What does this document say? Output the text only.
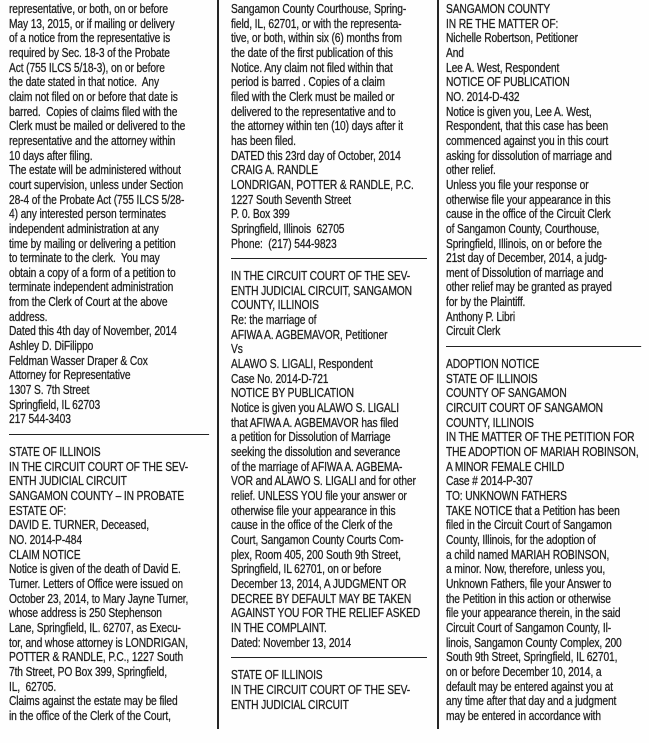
representative, or both, on or before
May 13, 2015, or if mailing or delivery
of a notice from the representative is
required by Sec. 18-3 of the Probate
Act (755 ILCS 5/18-3), on or before
the date stated in that notice.  Any
claim not filed on or before that date is
barred.  Copies of claims filed with the
Clerk must be mailed or delivered to the
representative and the attorney within
10 days after filing.
The estate will be administered without
court supervision, unless under Section
28-4 of the Probate Act (755 ILCS 5/28-
4) any interested person terminates
independent administration at any
time by mailing or delivering a petition
to terminate to the clerk.  You may
obtain a copy of a form of a petition to
terminate independent administration
from the Clerk of Court at the above
address.
Dated this 4th day of November, 2014
Ashley D. DiFilippo
Feldman Wasser Draper & Cox
Attorney for Representative
1307 S. 7th Street
Springfield, IL 62703
217 544-3403
STATE OF ILLINOIS
IN THE CIRCUIT COURT OF THE SEV-
ENTH JUDICIAL CIRCUIT
SANGAMON COUNTY – IN PROBATE
ESTATE OF:
DAVID E. TURNER, Deceased,
NO. 2014-P-484
CLAIM NOTICE
Notice is given of the death of David E.
Turner. Letters of Office were issued on
October 23, 2014, to Mary Jayne Turner,
whose address is 250 Stephenson
Lane, Springfield, IL. 62707, as Execu-
tor, and whose attorney is LONDRIGAN,
POTTER & RANDLE, P.C., 1227 South
7th Street, PO Box 399, Springfield,
IL,  62705.
Claims against the estate may be filed
in the office of the Clerk of the Court,
Sangamon County Courthouse, Spring-
field, IL, 62701, or with the representa-
tive, or both, within six (6) months from
the date of the first publication of this
Notice. Any claim not filed within that
period is barred . Copies of a claim
filed with the Clerk must be mailed or
delivered to the representative and to
the attorney within ten (10) days after it
has been filed.
DATED this 23rd day of October, 2014
CRAIG A. RANDLE
LONDRIGAN, POTTER & RANDLE, P.C.
1227 South Seventh Street
P. 0. Box 399
Springfield, Illinois  62705
Phone:  (217) 544-9823
IN THE CIRCUIT COURT OF THE SEV-
ENTH JUDICIAL CIRCUIT, SANGAMON
COUNTY, ILLINOIS
Re: the marriage of
AFIWA A. AGBEMAVOR, Petitioner
Vs
ALAWO S. LIGALI, Respondent
Case No. 2014-D-721
NOTICE BY PUBLICATION
Notice is given you ALAWO S. LIGALI
that AFIWA A. AGBEMAVOR has filed
a petition for Dissolution of Marriage
seeking the dissolution and severance
of the marriage of AFIWA A. AGBEMA-
VOR and ALAWO S. LIGALI and for other
relief. UNLESS YOU file your answer or
otherwise file your appearance in this
cause in the office of the Clerk of the
Court, Sangamon County Courts Com-
plex, Room 405, 200 South 9th Street,
Springfield, IL 62701, on or before
December 13, 2014, A JUDGMENT OR
DECREE BY DEFAULT MAY BE TAKEN
AGAINST YOU FOR THE RELIEF ASKED
IN THE COMPLAINT.
Dated: November 13, 2014
STATE OF ILLINOIS
IN THE CIRCUIT COURT OF THE SEV-
ENTH JUDICIAL CIRCUIT
SANGAMON COUNTY
IN RE THE MATTER OF:
Nichelle Robertson, Petitioner
And
Lee A. West, Respondent
NOTICE OF PUBLICATION
NO. 2014-D-432
Notice is given you, Lee A. West,
Respondent, that this case has been
commenced against you in this court
asking for dissolution of marriage and
other relief.
Unless you file your response or
otherwise file your appearance in this
cause in the office of the Circuit Clerk
of Sangamon County, Courthouse,
Springfield, Illinois, on or before the
21st day of December, 2014, a judg-
ment of Dissolution of marriage and
other relief may be granted as prayed
for by the Plaintiff.
Anthony P. Libri
Circuit Clerk
ADOPTION NOTICE
STATE OF ILLINOIS
COUNTY OF SANGAMON
CIRCUIT COURT OF SANGAMON
COUNTY, ILLINOIS
IN THE MATTER OF THE PETITION FOR
THE ADOPTION OF MARIAH ROBINSON,
A MINOR FEMALE CHILD
Case # 2014-P-307
TO: UNKNOWN FATHERS
TAKE NOTICE that a Petition has been
filed in the Circuit Court of Sangamon
County, Illinois, for the adoption of
a child named MARIAH ROBINSON,
a minor. Now, therefore, unless you,
Unknown Fathers, file your Answer to
the Petition in this action or otherwise
file your appearance therein, in the said
Circuit Court of Sangamon County, Il-
linois, Sangamon County Complex, 200
South 9th Street, Springfield, IL 62701,
on or before December 10, 2014, a
default may be entered against you at
any time after that day and a judgment
may be entered in accordance with
